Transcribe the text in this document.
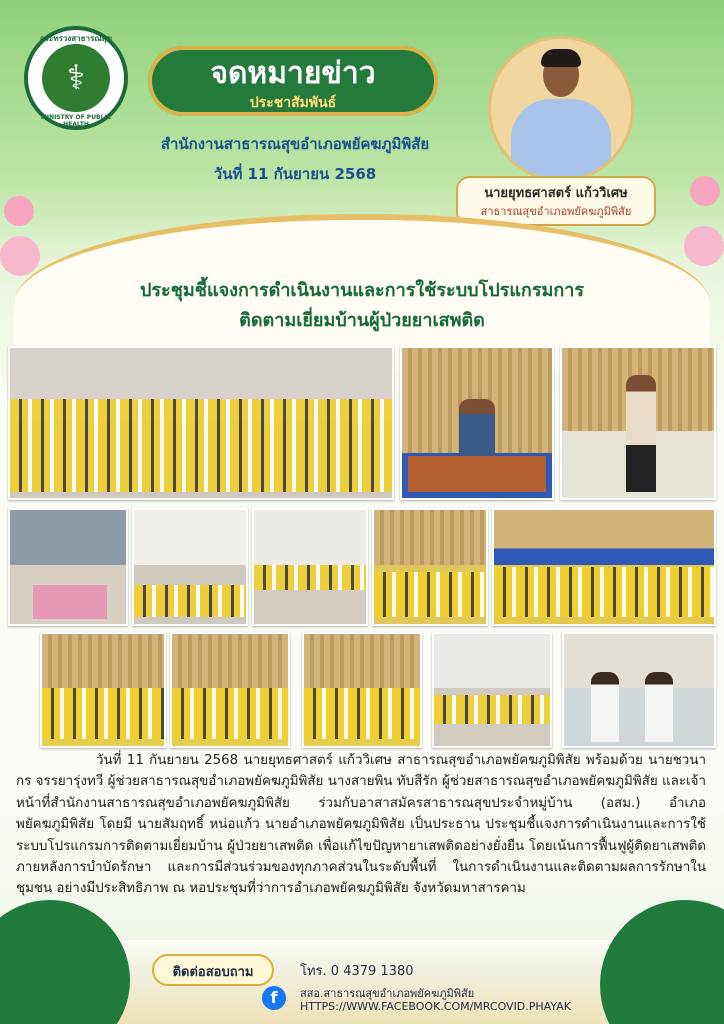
กระทรวงสาธารณสุข
⚕
MINISTRY OF PUBLIC HEALTH
จดหมายข่าว
ประชาสัมพันธ์
สำนักงานสาธารณสุขอำเภอพยัคฆภูมิพิสัย
วันที่ 11 กันยายน 2568
นายยุทธศาสตร์ แก้ววิเศษ
สาธารณสุขอำเภอพยัคฆภูมิพิสัย
ประชุมชี้แจงการดำเนินงานและการใช้ระบบโปรแกรมการ
ติดตามเยี่ยมบ้านผู้ป่วยยาเสพติด

วันที่ 11 กันยายน 2568 นายยุทธศาสตร์ แก้ววิเศษ สาธารณสุขอำเภอพยัคฆภูมิพิสัย พร้อมด้วย นายชวนากร จรรยารุ่งทวี ผู้ช่วยสาธารณสุขอำเภอพยัคฆภูมิพิสัย นางสายพิน ทับสีรัก ผู้ช่วยสาธารณสุขอำเภอพยัคฆภูมิพิสัย และเจ้าหน้าที่สำนักงานสาธารณสุขอำเภอพยัคฆภูมิพิสัย ร่วมกับอาสาสมัครสาธารณสุขประจำหมู่บ้าน (อสม.) อำเภอพยัคฆภูมิพิสัย โดยมี นายสัมฤทธิ์ หน่อแก้ว นายอำเภอพยัคฆภูมิพิสัย เป็นประธาน ประชุมชี้แจงการดำเนินงานและการใช้ระบบโปรแกรมการติดตามเยี่ยมบ้าน ผู้ป่วยยาเสพติด เพื่อแก้ไขปัญหายาเสพติดอย่างยั่งยืน โดยเน้นการฟื้นฟูผู้ติดยาเสพติด ภายหลังการบำบัดรักษา และการมีส่วนร่วมของทุกภาคส่วนในระดับพื้นที่ ในการดำเนินงานและติดตามผลการรักษาในชุมชน อย่างมีประสิทธิภาพ ณ หอประชุมที่ว่าการอำเภอพยัคฆภูมิพิสัย จังหวัดมหาสารคาม

ติดต่อสอบถาม	โทร. 0 4379 1380
f	สสอ.สาธารณสุขอำเภอพยัคฆภูมิพิสัย
HTTPS://WWW.FACEBOOK.COM/MRCOVID.PHAYAK
